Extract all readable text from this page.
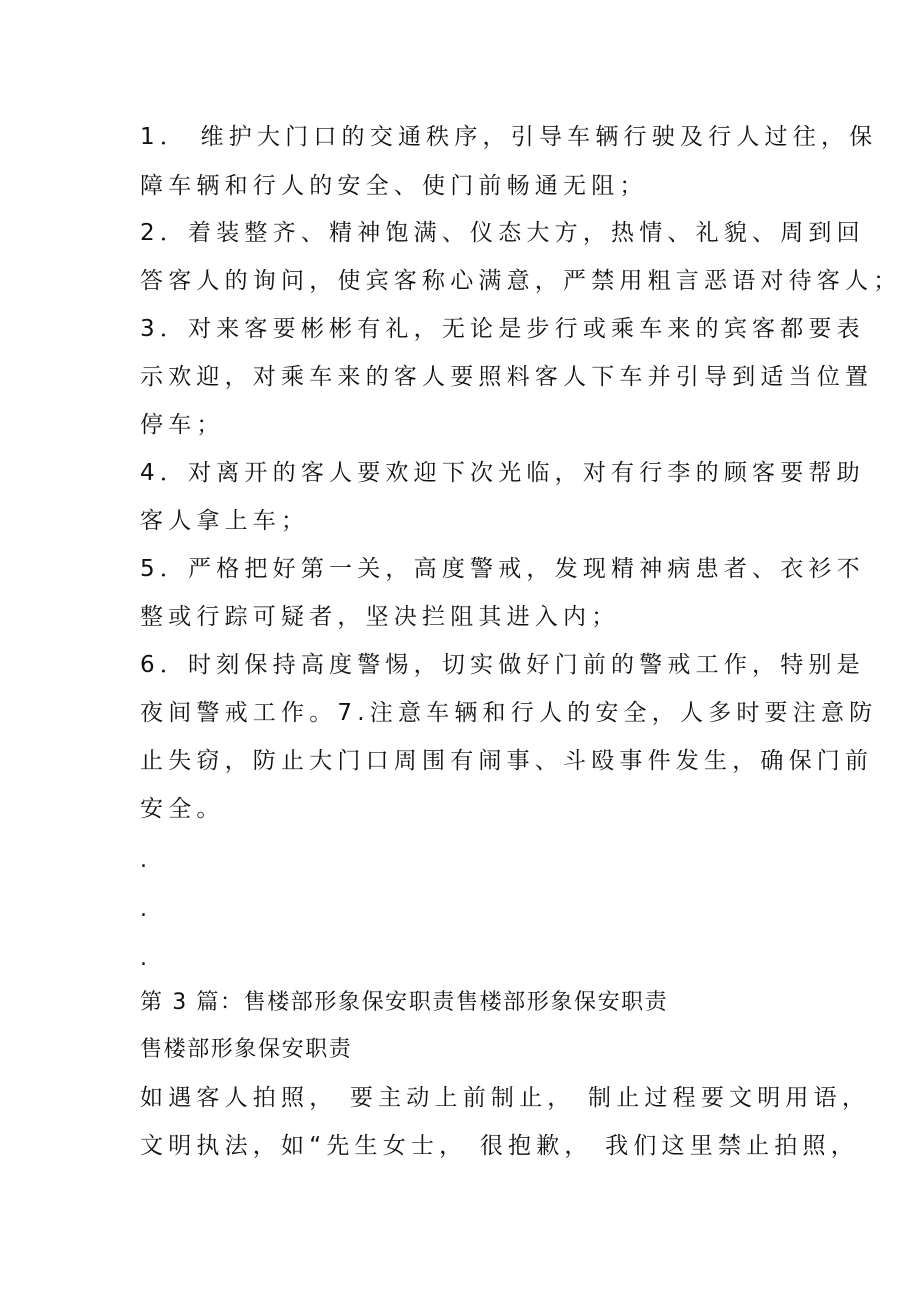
1． 维护大门口的交通秩序，引导车辆行驶及行人过往，保
障车辆和行人的安全、使门前畅通无阻；
2．着装整齐、精神饱满、仪态大方，热情、礼貌、周到回
答客人的询问，使宾客称心满意，严禁用粗言恶语对待客人；
3．对来客要彬彬有礼，无论是步行或乘车来的宾客都要表
示欢迎，对乘车来的客人要照料客人下车并引导到适当位置
停车；
4．对离开的客人要欢迎下次光临，对有行李的顾客要帮助
客人拿上车；
5．严格把好第一关，高度警戒，发现精神病患者、衣衫不
整或行踪可疑者，坚决拦阻其进入内；
6．时刻保持高度警惕，切实做好门前的警戒工作，特别是
夜间警戒工作。7.注意车辆和行人的安全，人多时要注意防
止失窃，防止大门口周围有闹事、斗殴事件发生，确保门前
安全。
.
.
.
第 3 篇：售楼部形象保安职责售楼部形象保安职责
售楼部形象保安职责
如遇客人拍照， 要主动上前制止， 制止过程要文明用语，
文明执法，如“先生女士， 很抱歉， 我们这里禁止拍照，
